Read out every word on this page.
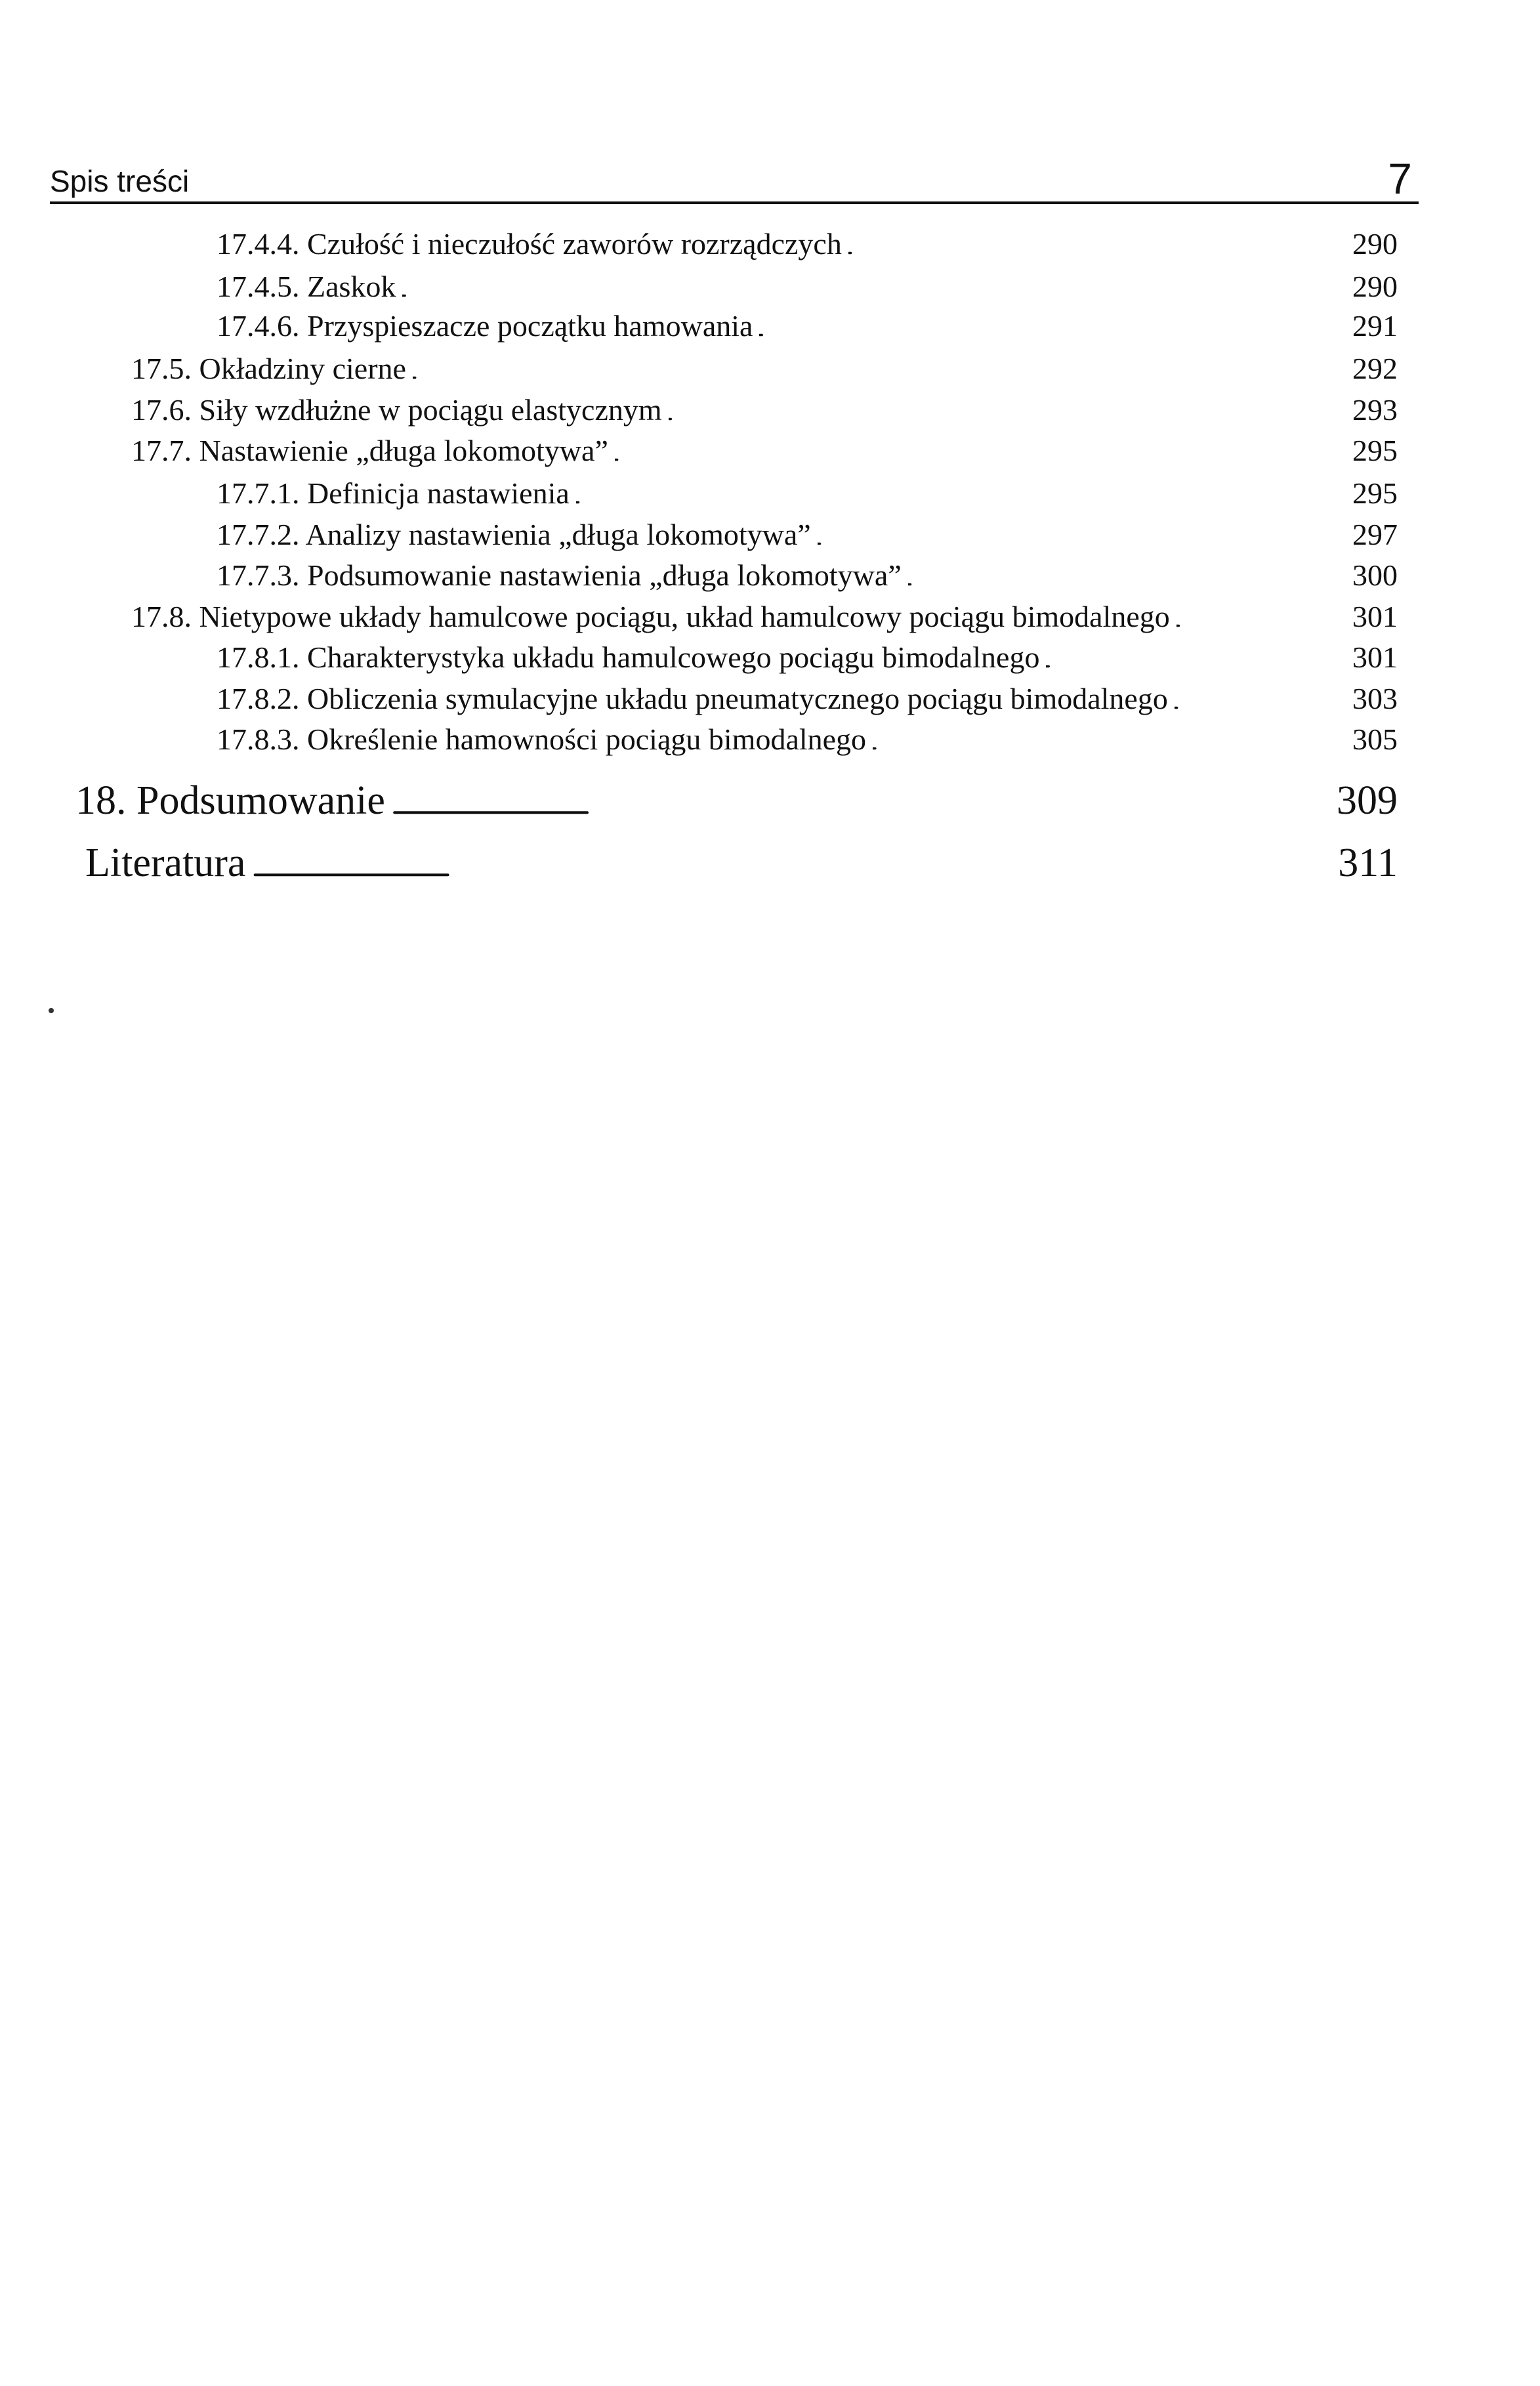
Spis treści	7
17.4.4. Czułość i nieczułość zaworów rozrządczych . . .	290
17.4.5. Zaskok . . .	290
17.4.6. Przyspieszacze początku hamowania . . .	291
17.5. Okładziny cierne . . .	292
17.6. Siły wzdłużne w pociągu elastycznym . . .	293
17.7. Nastawienie „długa lokomotywa” . . .	295
17.7.1. Definicja nastawienia . . .	295
17.7.2. Analizy nastawienia „długa lokomotywa” . . .	297
17.7.3. Podsumowanie nastawienia „długa lokomotywa” . . .	300
17.8. Nietypowe układy hamulcowe pociągu, układ hamulcowy pociągu bimodalnego . . .	301
17.8.1. Charakterystyka układu hamulcowego pociągu bimodalnego . . .	301
17.8.2. Obliczenia symulacyjne układu pneumatycznego pociągu bimodalnego . . .	303
17.8.3. Określenie hamowności pociągu bimodalnego . . .	305
18. Podsumowanie . . .	309
Literatura . . .	311
